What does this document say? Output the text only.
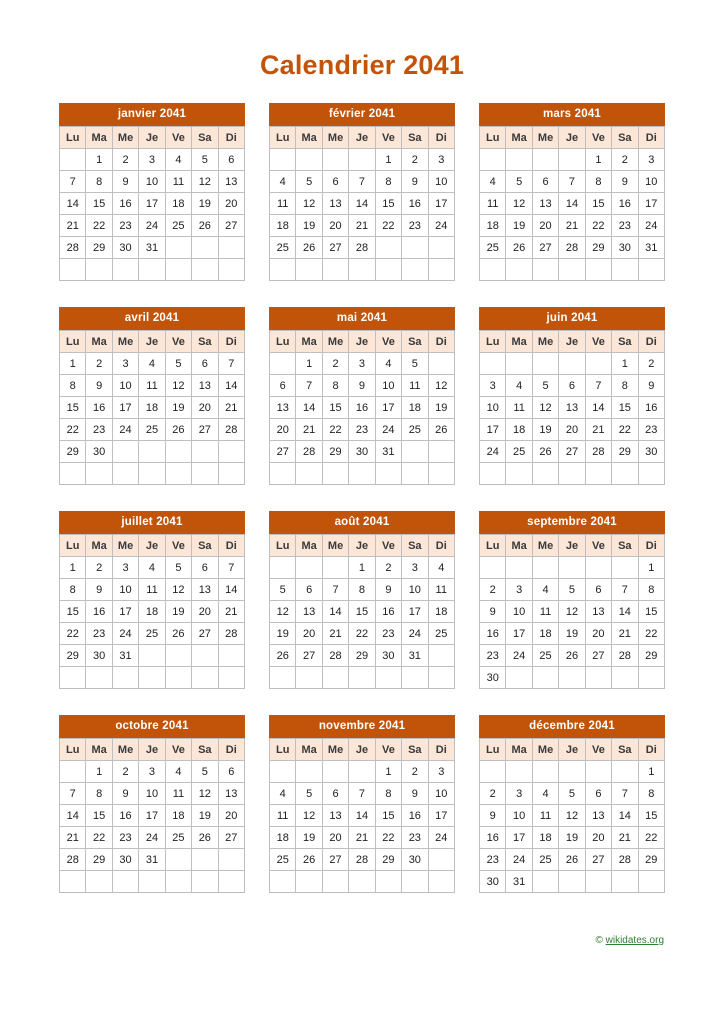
Calendrier 2041
janvier 2041
Lu	Ma	Me	Je	Ve	Sa	Di
	1	2	3	4	5	6
7	8	9	10	11	12	13
14	15	16	17	18	19	20
21	22	23	24	25	26	27
28	29	30	31			

février 2041
Lu	Ma	Me	Je	Ve	Sa	Di
				1	2	3
4	5	6	7	8	9	10
11	12	13	14	15	16	17
18	19	20	21	22	23	24
25	26	27	28			

mars 2041
Lu	Ma	Me	Je	Ve	Sa	Di
				1	2	3
4	5	6	7	8	9	10
11	12	13	14	15	16	17
18	19	20	21	22	23	24
25	26	27	28	29	30	31

avril 2041
Lu	Ma	Me	Je	Ve	Sa	Di
1	2	3	4	5	6	7
8	9	10	11	12	13	14
15	16	17	18	19	20	21
22	23	24	25	26	27	28
29	30					

mai 2041
Lu	Ma	Me	Je	Ve	Sa	Di
	1	2	3	4	5	
6	7	8	9	10	11	12
13	14	15	16	17	18	19
20	21	22	23	24	25	26
27	28	29	30	31		

juin 2041
Lu	Ma	Me	Je	Ve	Sa	Di
					1	2
3	4	5	6	7	8	9
10	11	12	13	14	15	16
17	18	19	20	21	22	23
24	25	26	27	28	29	30

juillet 2041
Lu	Ma	Me	Je	Ve	Sa	Di
1	2	3	4	5	6	7
8	9	10	11	12	13	14
15	16	17	18	19	20	21
22	23	24	25	26	27	28
29	30	31				

août 2041
Lu	Ma	Me	Je	Ve	Sa	Di
			1	2	3	4
5	6	7	8	9	10	11
12	13	14	15	16	17	18
19	20	21	22	23	24	25
26	27	28	29	30	31	

septembre 2041
Lu	Ma	Me	Je	Ve	Sa	Di
						1
2	3	4	5	6	7	8
9	10	11	12	13	14	15
16	17	18	19	20	21	22
23	24	25	26	27	28	29
30						
octobre 2041
Lu	Ma	Me	Je	Ve	Sa	Di
	1	2	3	4	5	6
7	8	9	10	11	12	13
14	15	16	17	18	19	20
21	22	23	24	25	26	27
28	29	30	31			

novembre 2041
Lu	Ma	Me	Je	Ve	Sa	Di
				1	2	3
4	5	6	7	8	9	10
11	12	13	14	15	16	17
18	19	20	21	22	23	24
25	26	27	28	29	30	

décembre 2041
Lu	Ma	Me	Je	Ve	Sa	Di
						1
2	3	4	5	6	7	8
9	10	11	12	13	14	15
16	17	18	19	20	21	22
23	24	25	26	27	28	29
30	31					
© wikidates.org
